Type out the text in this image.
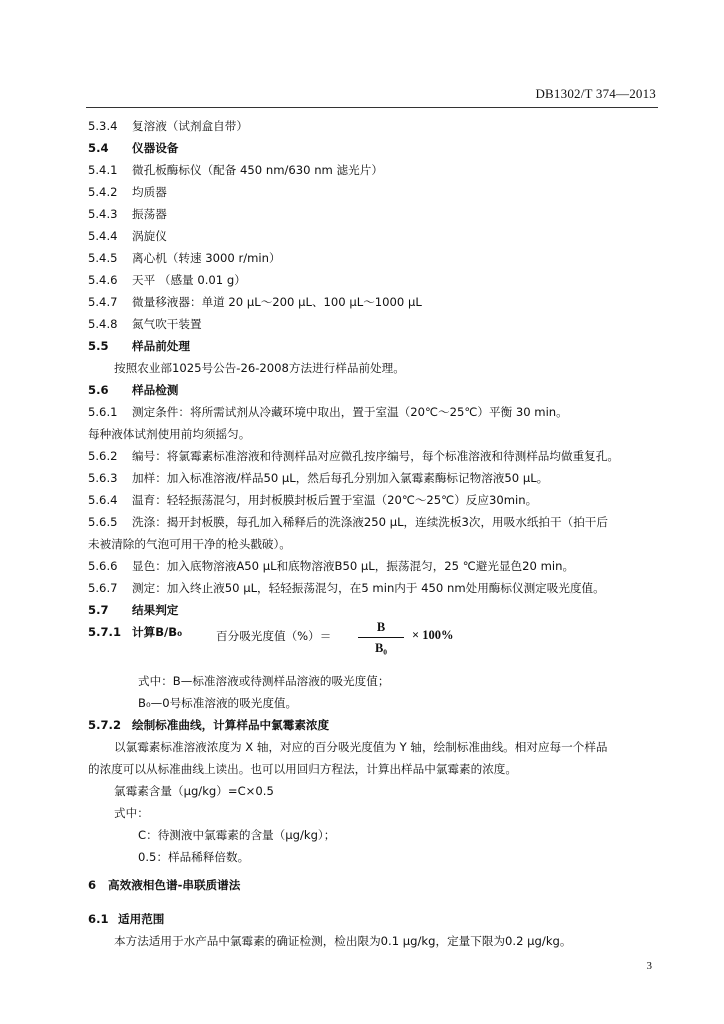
DB1302/T 374—2013
5.3.4 复溶液（试剂盒自带）
5.4 仪器设备
5.4.1 微孔板酶标仪（配备 450 nm/630 nm 滤光片）
5.4.2 均质器
5.4.3 振荡器
5.4.4 涡旋仪
5.4.5 离心机（转速 3000 r/min）
5.4.6 天平 （感量 0.01 g）
5.4.7 微量移液器：单道 20 μL～200 μL、100 μL～1000 μL
5.4.8 氮气吹干装置
5.5 样品前处理
按照农业部1025号公告-26-2008方法进行样品前处理。
5.6 样品检测
5.6.1 测定条件：将所需试剂从冷藏环境中取出，置于室温（20℃～25℃）平衡 30 min。
每种液体试剂使用前均须摇匀。
5.6.2 编号：将氯霉素标准溶液和待测样品对应微孔按序编号，每个标准溶液和待测样品均做重复孔。
5.6.3 加样：加入标准溶液/样品50 μL，然后每孔分别加入氯霉素酶标记物溶液50 μL。
5.6.4 温育：轻轻振荡混匀，用封板膜封板后置于室温（20℃～25℃）反应30min。
5.6.5 洗涤：揭开封板膜，每孔加入稀释后的洗涤液250 μL，连续洗板3次，用吸水纸拍干（拍干后
未被清除的气泡可用干净的枪头戳破）。
5.6.6 显色：加入底物溶液A50 μL和底物溶液B50 μL，振荡混匀，25 ℃避光显色20 min。
5.6.7 测定：加入终止液50 μL，轻轻振荡混匀，在5 min内于 450 nm处用酶标仪测定吸光度值。
5.7 结果判定
5.7.1 计算B/B₀	百分吸光度值（%）＝
B
B₀
× 100%
式中：B—标准溶液或待测样品溶液的吸光度值；
B₀—0号标准溶液的吸光度值。
5.7.2 绘制标准曲线，计算样品中氯霉素浓度
以氯霉素标准溶液浓度为 X 轴，对应的百分吸光度值为 Y 轴，绘制标准曲线。相对应每一个样品
的浓度可以从标准曲线上读出。也可以用回归方程法，计算出样品中氯霉素的浓度。
氯霉素含量（μg/kg）=C×0.5
式中：
C：待测液中氯霉素的含量（μg/kg）；
0.5：样品稀释倍数。
6 高效液相色谱-串联质谱法
6.1 适用范围
本方法适用于水产品中氯霉素的确证检测，检出限为0.1 μg/kg，定量下限为0.2 μg/kg。
3
